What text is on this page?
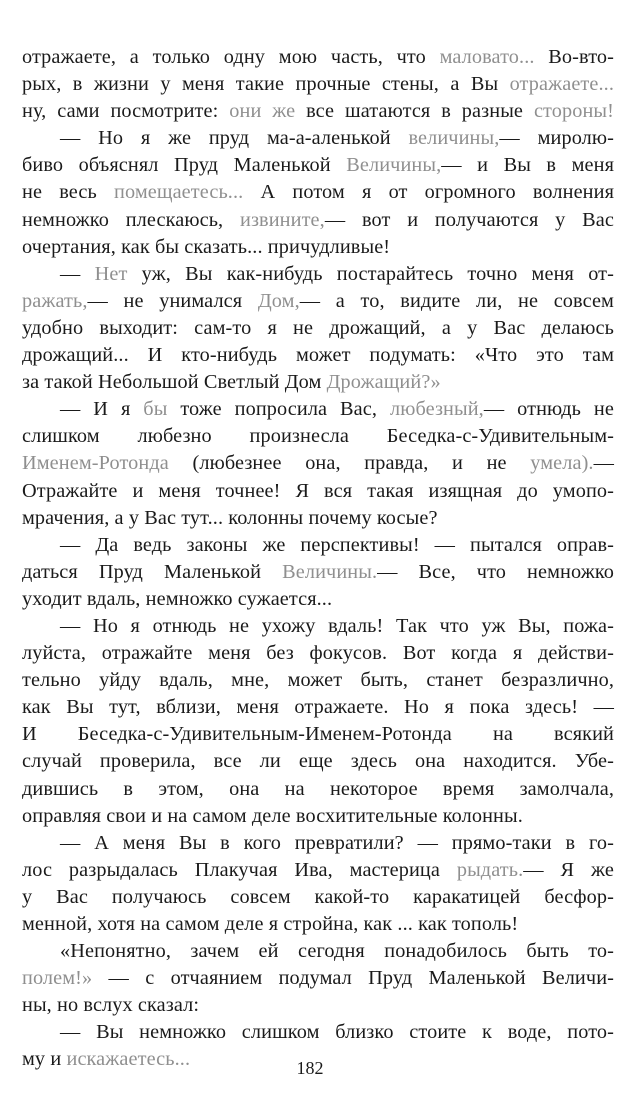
отражаете, а только одну мою часть, что маловато... Во-вто-

рых, в жизни у меня такие прочные стены, а Вы отражаете...

ну, сами посмотрите: они же все шатаются в разные стороны!

— Но я же пруд ма-а-аленькой величины,— миролю-

биво объяснял Пруд Маленькой Величины,— и Вы в меня

не весь помещаетесь... А потом я от огромного волнения

немножко плескаюсь, извините,— вот и получаются у Вас

очертания, как бы сказать... причудливые!

— Нет уж, Вы как-нибудь постарайтесь точно меня от-

ражать,— не унимался Дом,— а то, видите ли, не совсем

удобно выходит: сам-то я не дрожащий, а у Вас делаюсь

дрожащий... И кто-нибудь может подумать: «Что это там

за такой Небольшой Светлый Дом Дрожащий?»

— И я бы тоже попросила Вас, любезный,— отнюдь не

слишком любезно произнесла Беседка-с-Удивительным-

Именем-Ротонда (любезнее она, правда, и не умела).—

Отражайте и меня точнее! Я вся такая изящная до умопо-

мрачения, а у Вас тут... колонны почему косые?

— Да ведь законы же перспективы! — пытался оправ-

даться Пруд Маленькой Величины.— Все, что немножко

уходит вдаль, немножко сужается...

— Но я отнюдь не ухожу вдаль! Так что уж Вы, пожа-

луйста, отражайте меня без фокусов. Вот когда я действи-

тельно уйду вдаль, мне, может быть, станет безразлично,

как Вы тут, вблизи, меня отражаете. Но я пока здесь! —

И Беседка-с-Удивительным-Именем-Ротонда на всякий

случай проверила, все ли еще здесь она находится. Убе-

дившись в этом, она на некоторое время замолчала,

оправляя свои и на самом деле восхитительные колонны.

— А меня Вы в кого превратили? — прямо-таки в го-

лос разрыдалась Плакучая Ива, мастерица рыдать.— Я же

у Вас получаюсь совсем какой-то каракатицей бесфор-

менной, хотя на самом деле я стройна, как ... как тополь!

«Непонятно, зачем ей сегодня понадобилось быть то-

полем!» — с отчаянием подумал Пруд Маленькой Величи-

ны, но вслух сказал:

— Вы немножко слишком близко стоите к воде, пото-

му и искажаетесь...	182
